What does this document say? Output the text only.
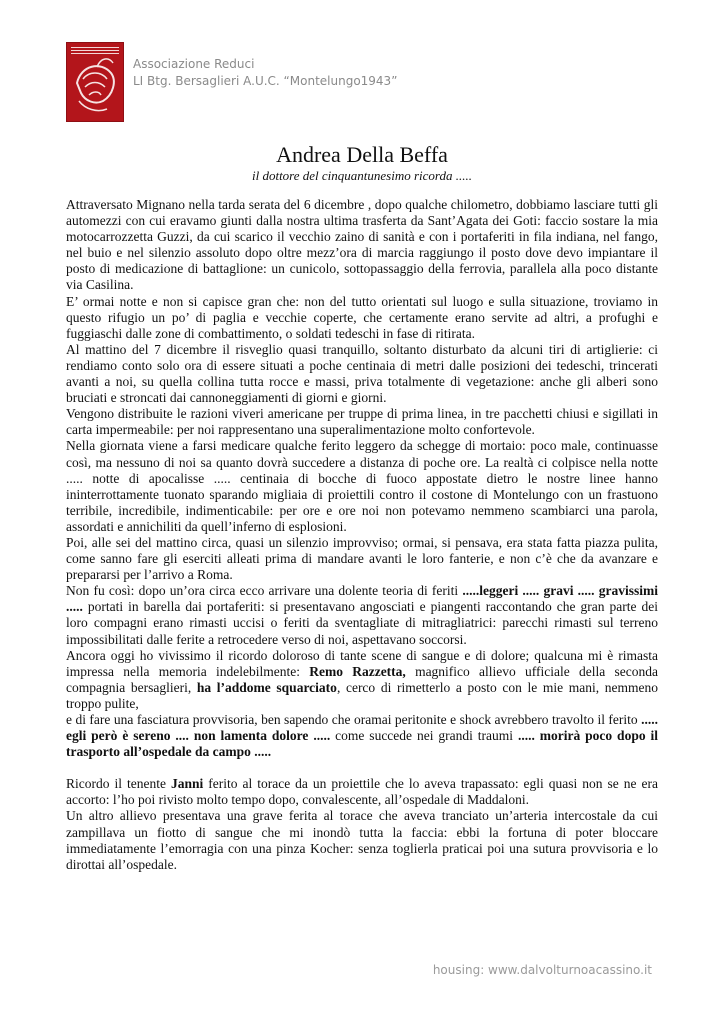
Associazione Reduci
LI Btg. Bersaglieri A.U.C. “Montelungo1943”
Andrea Della Beffa
il dottore del cinquantunesimo ricorda .....

Attraversato Mignano nella tarda serata del 6 dicembre , dopo qualche chilometro, dobbiamo lasciare tutti gli automezzi con cui eravamo giunti dalla nostra ultima trasferta da Sant’Agata dei Goti: faccio sostare la mia motocarrozzetta Guzzi, da cui scarico il vecchio zaino di sanità e con i portaferiti in fila indiana, nel fango, nel buio e nel silenzio assoluto dopo oltre mezz’ora di marcia raggiungo il posto dove devo impiantare il posto di medicazione di battaglione: un cunicolo, sottopassaggio della ferrovia, parallela alla poco distante via Casilina.

E’ ormai notte e non si capisce gran che: non del tutto orientati sul luogo e sulla situazione, troviamo in questo rifugio un po’ di paglia e vecchie coperte, che certamente erano servite ad altri, a profughi e fuggiaschi dalle zone di combattimento, o soldati tedeschi in fase di ritirata.

Al mattino del 7 dicembre il risveglio quasi tranquillo, soltanto disturbato da alcuni tiri di artiglierie: ci rendiamo conto solo ora di essere situati a poche centinaia di metri dalle posizioni dei tedeschi, trincerati avanti a noi, su quella collina tutta rocce e massi, priva totalmente di vegetazione: anche gli alberi sono bruciati e stroncati dai cannoneggiamenti di giorni e giorni.

Vengono distribuite le razioni viveri americane per truppe di prima linea, in tre pacchetti chiusi e sigillati in carta impermeabile: per noi rappresentano una superalimentazione molto confortevole.

Nella giornata viene a farsi medicare qualche ferito leggero da schegge di mortaio: poco male, continuasse così, ma nessuno di noi sa quanto dovrà succedere a distanza di poche ore. La realtà ci colpisce nella notte ..... notte di apocalisse ..... centinaia di bocche di fuoco appostate dietro le nostre linee hanno ininterrottamente tuonato sparando migliaia di proiettili contro il costone di Montelungo con un frastuono terribile, incredibile, indimenticabile: per ore e ore noi non potevamo nemmeno scambiarci una parola, assordati e annichiliti da quell’inferno di esplosioni.

Poi, alle sei del mattino circa, quasi un silenzio improvviso; ormai, si pensava, era stata fatta piazza pulita, come sanno fare gli eserciti alleati prima di mandare avanti le loro fanterie, e non c’è che da avanzare e prepararsi per l’arrivo a Roma.

Non fu così: dopo un’ora circa ecco arrivare una dolente teoria di feriti .....leggeri ..... gravi ..... gravissimi ..... portati in barella dai portaferiti: si presentavano angosciati e piangenti raccontando che gran parte dei loro compagni erano rimasti uccisi o feriti da sventagliate di mitragliatrici: parecchi rimasti sul terreno impossibilitati dalle ferite a retrocedere verso di noi, aspettavano soccorsi.

Ancora oggi ho vivissimo il ricordo doloroso di tante scene di sangue e di dolore; qualcuna mi è rimasta impressa nella memoria indelebilmente: Remo Razzetta, magnifico allievo ufficiale della seconda compagnia bersaglieri, ha l’addome squarciato, cerco di rimetterlo a posto con le mie mani, nemmeno troppo pulite,

e di fare una fasciatura provvisoria, ben sapendo che oramai peritonite e shock avrebbero travolto il ferito ..... egli però è sereno .... non lamenta dolore ..... come succede nei grandi traumi ..... morirà poco dopo il trasporto all’ospedale da campo .....

Ricordo il tenente Janni ferito al torace da un proiettile che lo aveva trapassato: egli quasi non se ne era accorto: l’ho poi rivisto molto tempo dopo, convalescente, all’ospedale di Maddaloni.

Un altro allievo presentava una grave ferita al torace che aveva tranciato un’arteria intercostale da cui zampillava un fiotto di sangue che mi inondò tutta la faccia: ebbi la fortuna di poter bloccare immediatamente l’emorragia con una pinza Kocher: senza toglierla praticai poi una sutura provvisoria e lo dirottai all’ospedale.

housing: www.dalvolturnoacassino.it
